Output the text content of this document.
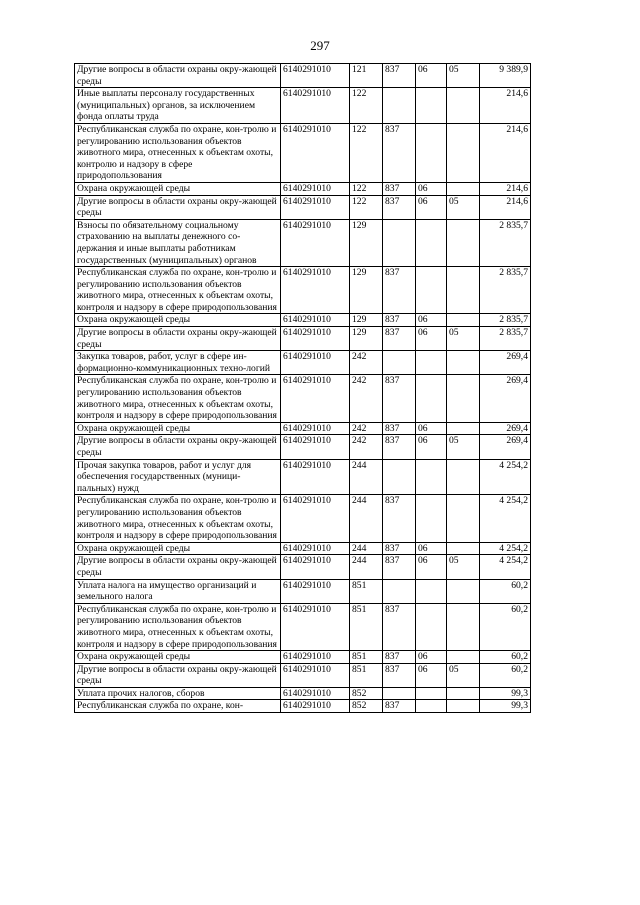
297
Другие вопросы в области охраны окру-жающей среды	6140291010	121	837	06	05	9 389,9
Иные выплаты персоналу государственных (муниципальных) органов, за исключением фонда оплаты труда	6140291010	122				214,6
Республиканская служба по охране, кон-тролю и регулированию использования объектов животного мира, отнесенных к объектам охоты, контролю и надзору в сфере природопользования	6140291010	122	837			214,6
Охрана окружающей среды	6140291010	122	837	06		214,6
Другие вопросы в области охраны окру-жающей среды	6140291010	122	837	06	05	214,6
Взносы по обязательному социальному страхованию на выплаты денежного со-держания и иные выплаты работникам государственных (муниципальных) органов	6140291010	129				2 835,7
Республиканская служба по охране, кон-тролю и регулированию использования объектов животного мира, отнесенных к объектам охоты, контроля и надзору в сфере природопользования	6140291010	129	837			2 835,7
Охрана окружающей среды	6140291010	129	837	06		2 835,7
Другие вопросы в области охраны окру-жающей среды	6140291010	129	837	06	05	2 835,7
Закупка товаров, работ, услуг в сфере ин-формационно-коммуникационных техно-логий	6140291010	242				269,4
Республиканская служба по охране, кон-тролю и регулированию использования объектов животного мира, отнесенных к объектам охоты, контроля и надзору в сфере природопользования	6140291010	242	837			269,4
Охрана окружающей среды	6140291010	242	837	06		269,4
Другие вопросы в области охраны окру-жающей среды	6140291010	242	837	06	05	269,4
Прочая закупка товаров, работ и услуг для обеспечения государственных (муници-пальных) нужд	6140291010	244				4 254,2
Республиканская служба по охране, кон-тролю и регулированию использования объектов животного мира, отнесенных к объектам охоты, контроля и надзору в сфере природопользования	6140291010	244	837			4 254,2
Охрана окружающей среды	6140291010	244	837	06		4 254,2
Другие вопросы в области охраны окру-жающей среды	6140291010	244	837	06	05	4 254,2
Уплата налога на имущество организаций и земельного налога	6140291010	851				60,2
Республиканская служба по охране, кон-тролю и регулированию использования объектов животного мира, отнесенных к объектам охоты, контроля и надзору в сфере природопользования	6140291010	851	837			60,2
Охрана окружающей среды	6140291010	851	837	06		60,2
Другие вопросы в области охраны окру-жающей среды	6140291010	851	837	06	05	60,2
Уплата прочих налогов, сборов	6140291010	852				99,3
Республиканская служба по охране, кон-	6140291010	852	837			99,3
